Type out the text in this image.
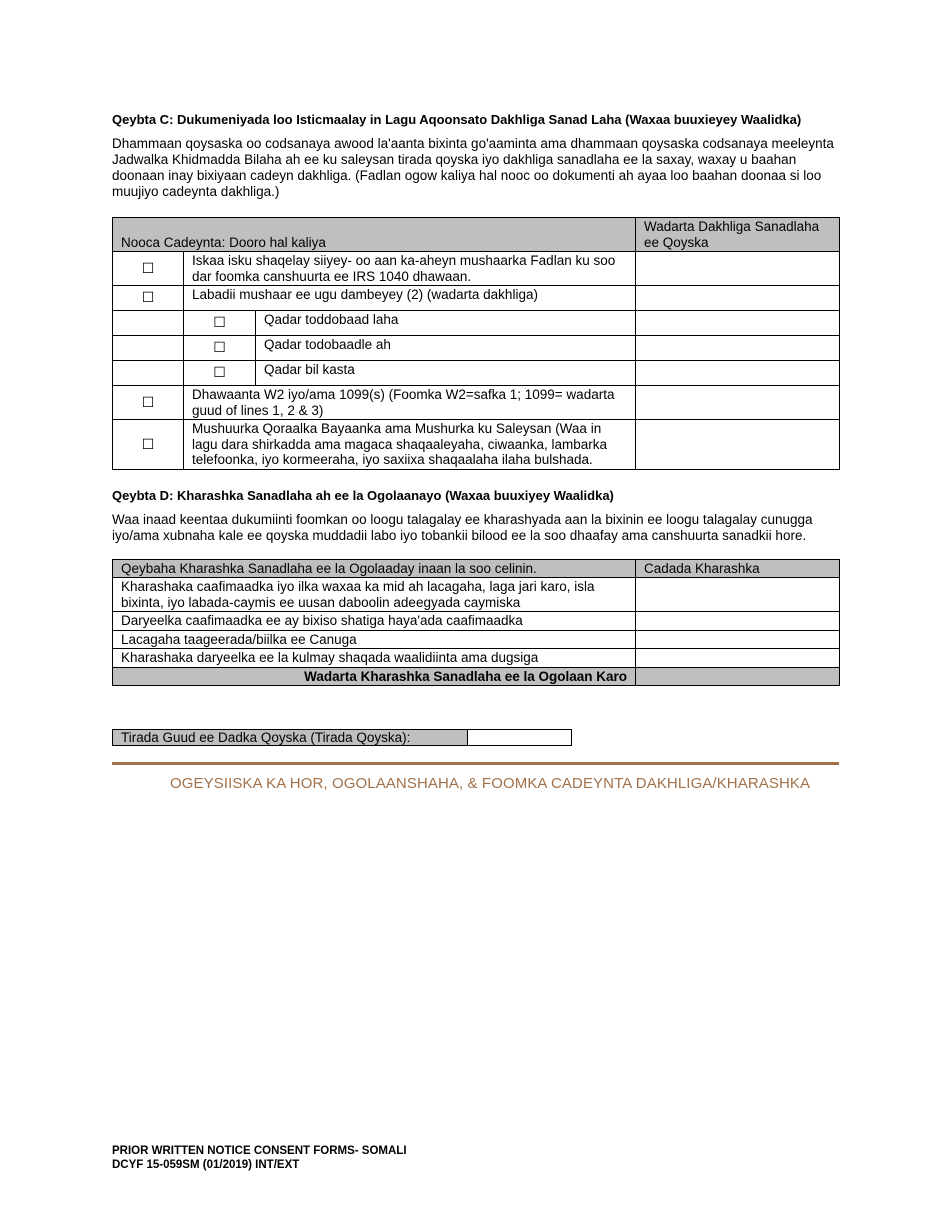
Qeybta C: Dukumeniyada loo Isticmaalay in Lagu Aqoonsato Dakhliga Sanad Laha (Waxaa buuxieyey Waalidka)

Dhammaan qoysaska oo codsanaya awood la'aanta bixinta go'aaminta ama dhammaan qoysaska codsanaya meeleynta Jadwalka Khidmadda Bilaha ah ee ku saleysan tirada qoyska iyo dakhliga sanadlaha ee la saxay, waxay u baahan doonaan inay bixiyaan cadeyn dakhliga. (Fadlan ogow kaliya hal nooc oo dokumenti ah ayaa loo baahan doonaa si loo muujiyo cadeynta dakhliga.)

Nooca Cadeynta: Dooro hal kaliya			Wadarta Dakhliga Sanadlaha ee Qoyska
☐	Iskaa isku shaqelay siiyey- oo aan ka-aheyn mushaarka Fadlan ku soo dar foomka canshuurta ee IRS 1040 dhawaan.		
☐	Labadii mushaar ee ugu dambeyey (2) (wadarta dakhliga)		
	☐	Qadar toddobaad laha	
	☐	Qadar todobaadle ah	
	☐	Qadar bil kasta	
☐	Dhawaanta W2 iyo/ama 1099(s) (Foomka W2=safka 1; 1099= wadarta guud of lines 1, 2 & 3)		
☐	Mushuurka Qoraalka Bayaanka ama Mushurka ku Saleysan (Waa in lagu dara shirkadda ama magaca shaqaaleyaha, ciwaanka, lambarka telefoonka, iyo kormeeraha, iyo saxiixa shaqaalaha ilaha bulshada.		

Qeybta D: Kharashka Sanadlaha ah ee la Ogolaanayo (Waxaa buuxiyey Waalidka)

Waa inaad keentaa dukumiinti foomkan oo loogu talagalay ee kharashyada aan la bixinin ee loogu talagalay cunugga iyo/ama xubnaha kale ee qoyska muddadii labo iyo tobankii bilood ee la soo dhaafay ama canshuurta sanadkii hore.

Qeybaha Kharashka Sanadlaha ee la Ogolaaday inaan la soo celinin.	Cadada Kharashka
Kharashaka caafimaadka iyo ilka waxaa ka mid ah lacagaha, laga jari karo, isla bixinta, iyo labada-caymis ee uusan daboolin adeegyada caymiska	
Daryeelka caafimaadka ee ay bixiso shatiga haya'ada caafimaadka	
Lacagaha taageerada/biilka ee Canuga	
Kharashaka daryeelka ee la kulmay shaqada waalidiinta ama dugsiga	
Wadarta Kharashka Sanadlaha ee la Ogolaan Karo	
Tirada Guud ee Dadka Qoyska (Tirada Qoyska):
OGEYSIISKA KA HOR, OGOLAANSHAHA, & FOOMKA CADEYNTA DAKHLIGA/KHARASHKA
PRIOR WRITTEN NOTICE CONSENT FORMS- SOMALI
DCYF 15-059SM (01/2019) INT/EXT
